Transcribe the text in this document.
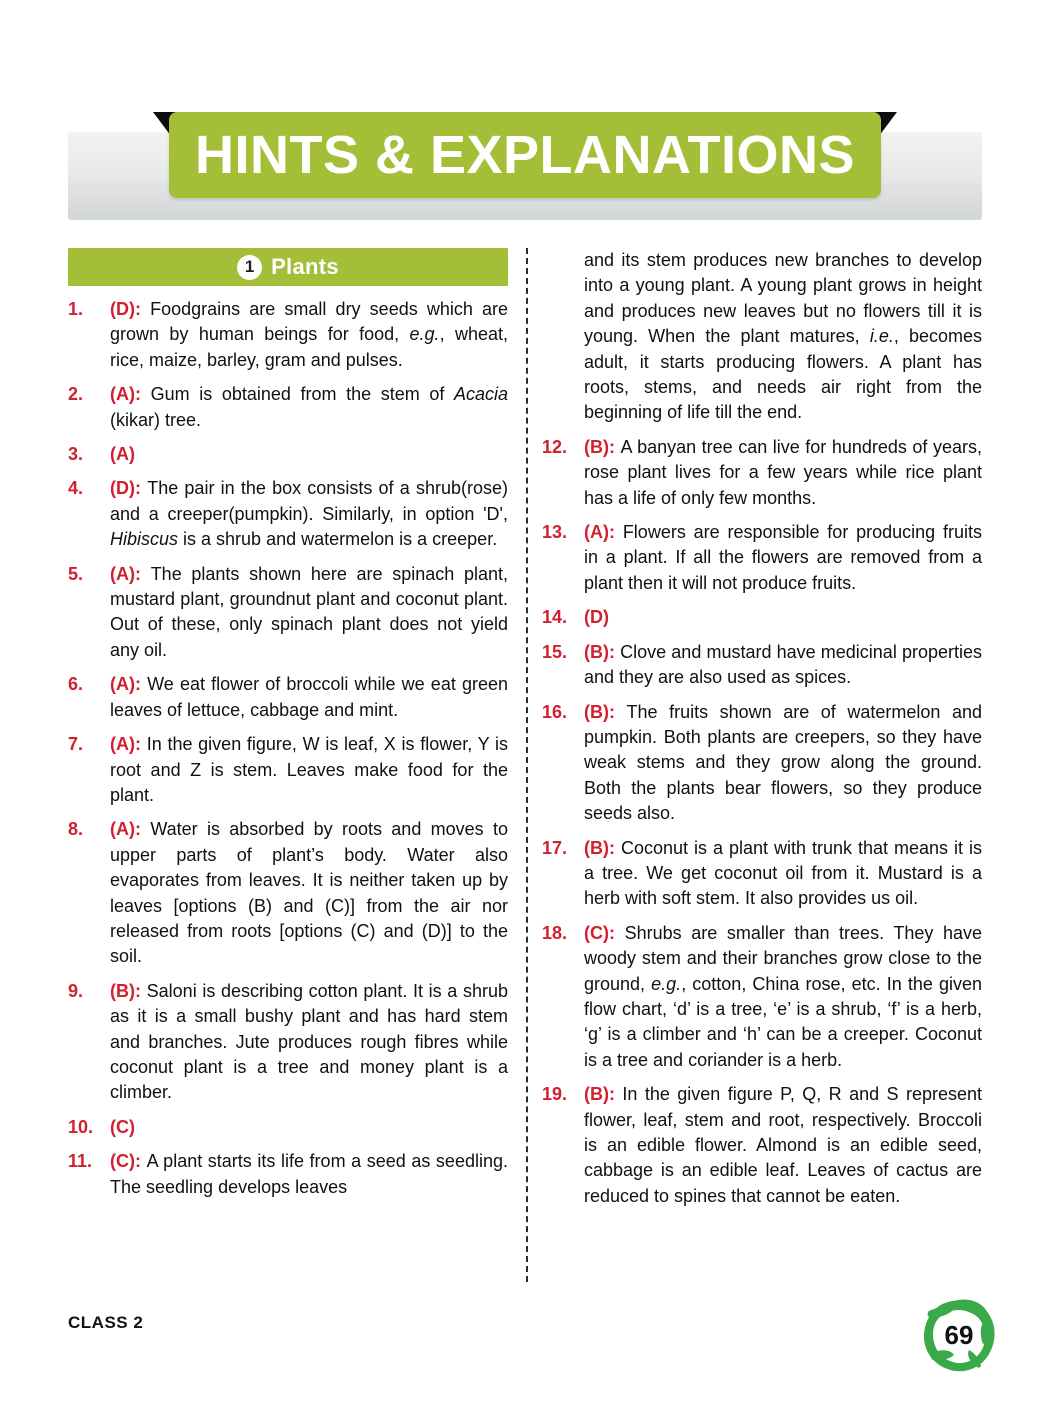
HINTS & EXPLANATIONS
1 Plants
1.	(D): Foodgrains are small dry seeds which are grown by human beings for food, e.g., wheat, rice, maize, barley, gram and pulses.
2.	(A): Gum is obtained from the stem of Acacia (kikar) tree.
3.	(A)
4.	(D): The pair in the box consists of a shrub(rose) and a creeper(pumpkin). Similarly, in option 'D', Hibiscus is a shrub and watermelon is a creeper.
5.	(A): The plants shown here are spinach plant, mustard plant, groundnut plant and coconut plant. Out of these, only spinach plant does not yield any oil.
6.	(A): We eat flower of broccoli while we eat green leaves of lettuce, cabbage and mint.
7.	(A): In the given figure, W is leaf, X is flower, Y is root and Z is stem. Leaves make food for the plant.
8.	(A): Water is absorbed by roots and moves to upper parts of plant’s body. Water also evaporates from leaves. It is neither taken up by leaves [options (B) and (C)] from the air nor released from roots [options (C) and (D)] to the soil.
9.	(B): Saloni is describing cotton plant. It is a shrub as it is a small bushy plant and has hard stem and branches. Jute produces rough fibres while coconut plant is a tree and money plant is a climber.
10. (C)
11. (C): A plant starts its life from a seed as seedling. The seedling develops leaves
and its stem produces new branches to develop into a young plant. A young plant grows in height and produces new leaves but no flowers till it is young. When the plant matures, i.e., becomes adult, it starts producing flowers. A plant has roots, stems, and needs air right from the beginning of life till the end.
12. (B): A banyan tree can live for hundreds of years, rose plant lives for a few years while rice plant has a life of only few months.
13. (A): Flowers are responsible for producing fruits in a plant. If all the flowers are removed from a plant then it will not produce fruits.
14. (D)
15. (B): Clove and mustard have medicinal properties and they are also used as spices.
16. (B): The fruits shown are of watermelon and pumpkin. Both plants are creepers, so they have weak stems and they grow along the ground. Both the plants bear flowers, so they produce seeds also.
17. (B): Coconut is a plant with trunk that means it is a tree. We get coconut oil from it. Mustard is a herb with soft stem. It also provides us oil.
18. (C): Shrubs are smaller than trees. They have woody stem and their branches grow close to the ground, e.g., cotton, China rose, etc. In the given flow chart, ‘d’ is a tree, ‘e’ is a shrub, ‘f’ is a herb, ‘g’ is a climber and ‘h’ can be a creeper. Coconut is a tree and coriander is a herb.
19. (B): In the given figure P, Q, R and S represent flower, leaf, stem and root, respectively. Broccoli is an edible flower. Almond is an edible seed, cabbage is an edible leaf. Leaves of cactus are reduced to spines that cannot be eaten.
CLASS 2	69
